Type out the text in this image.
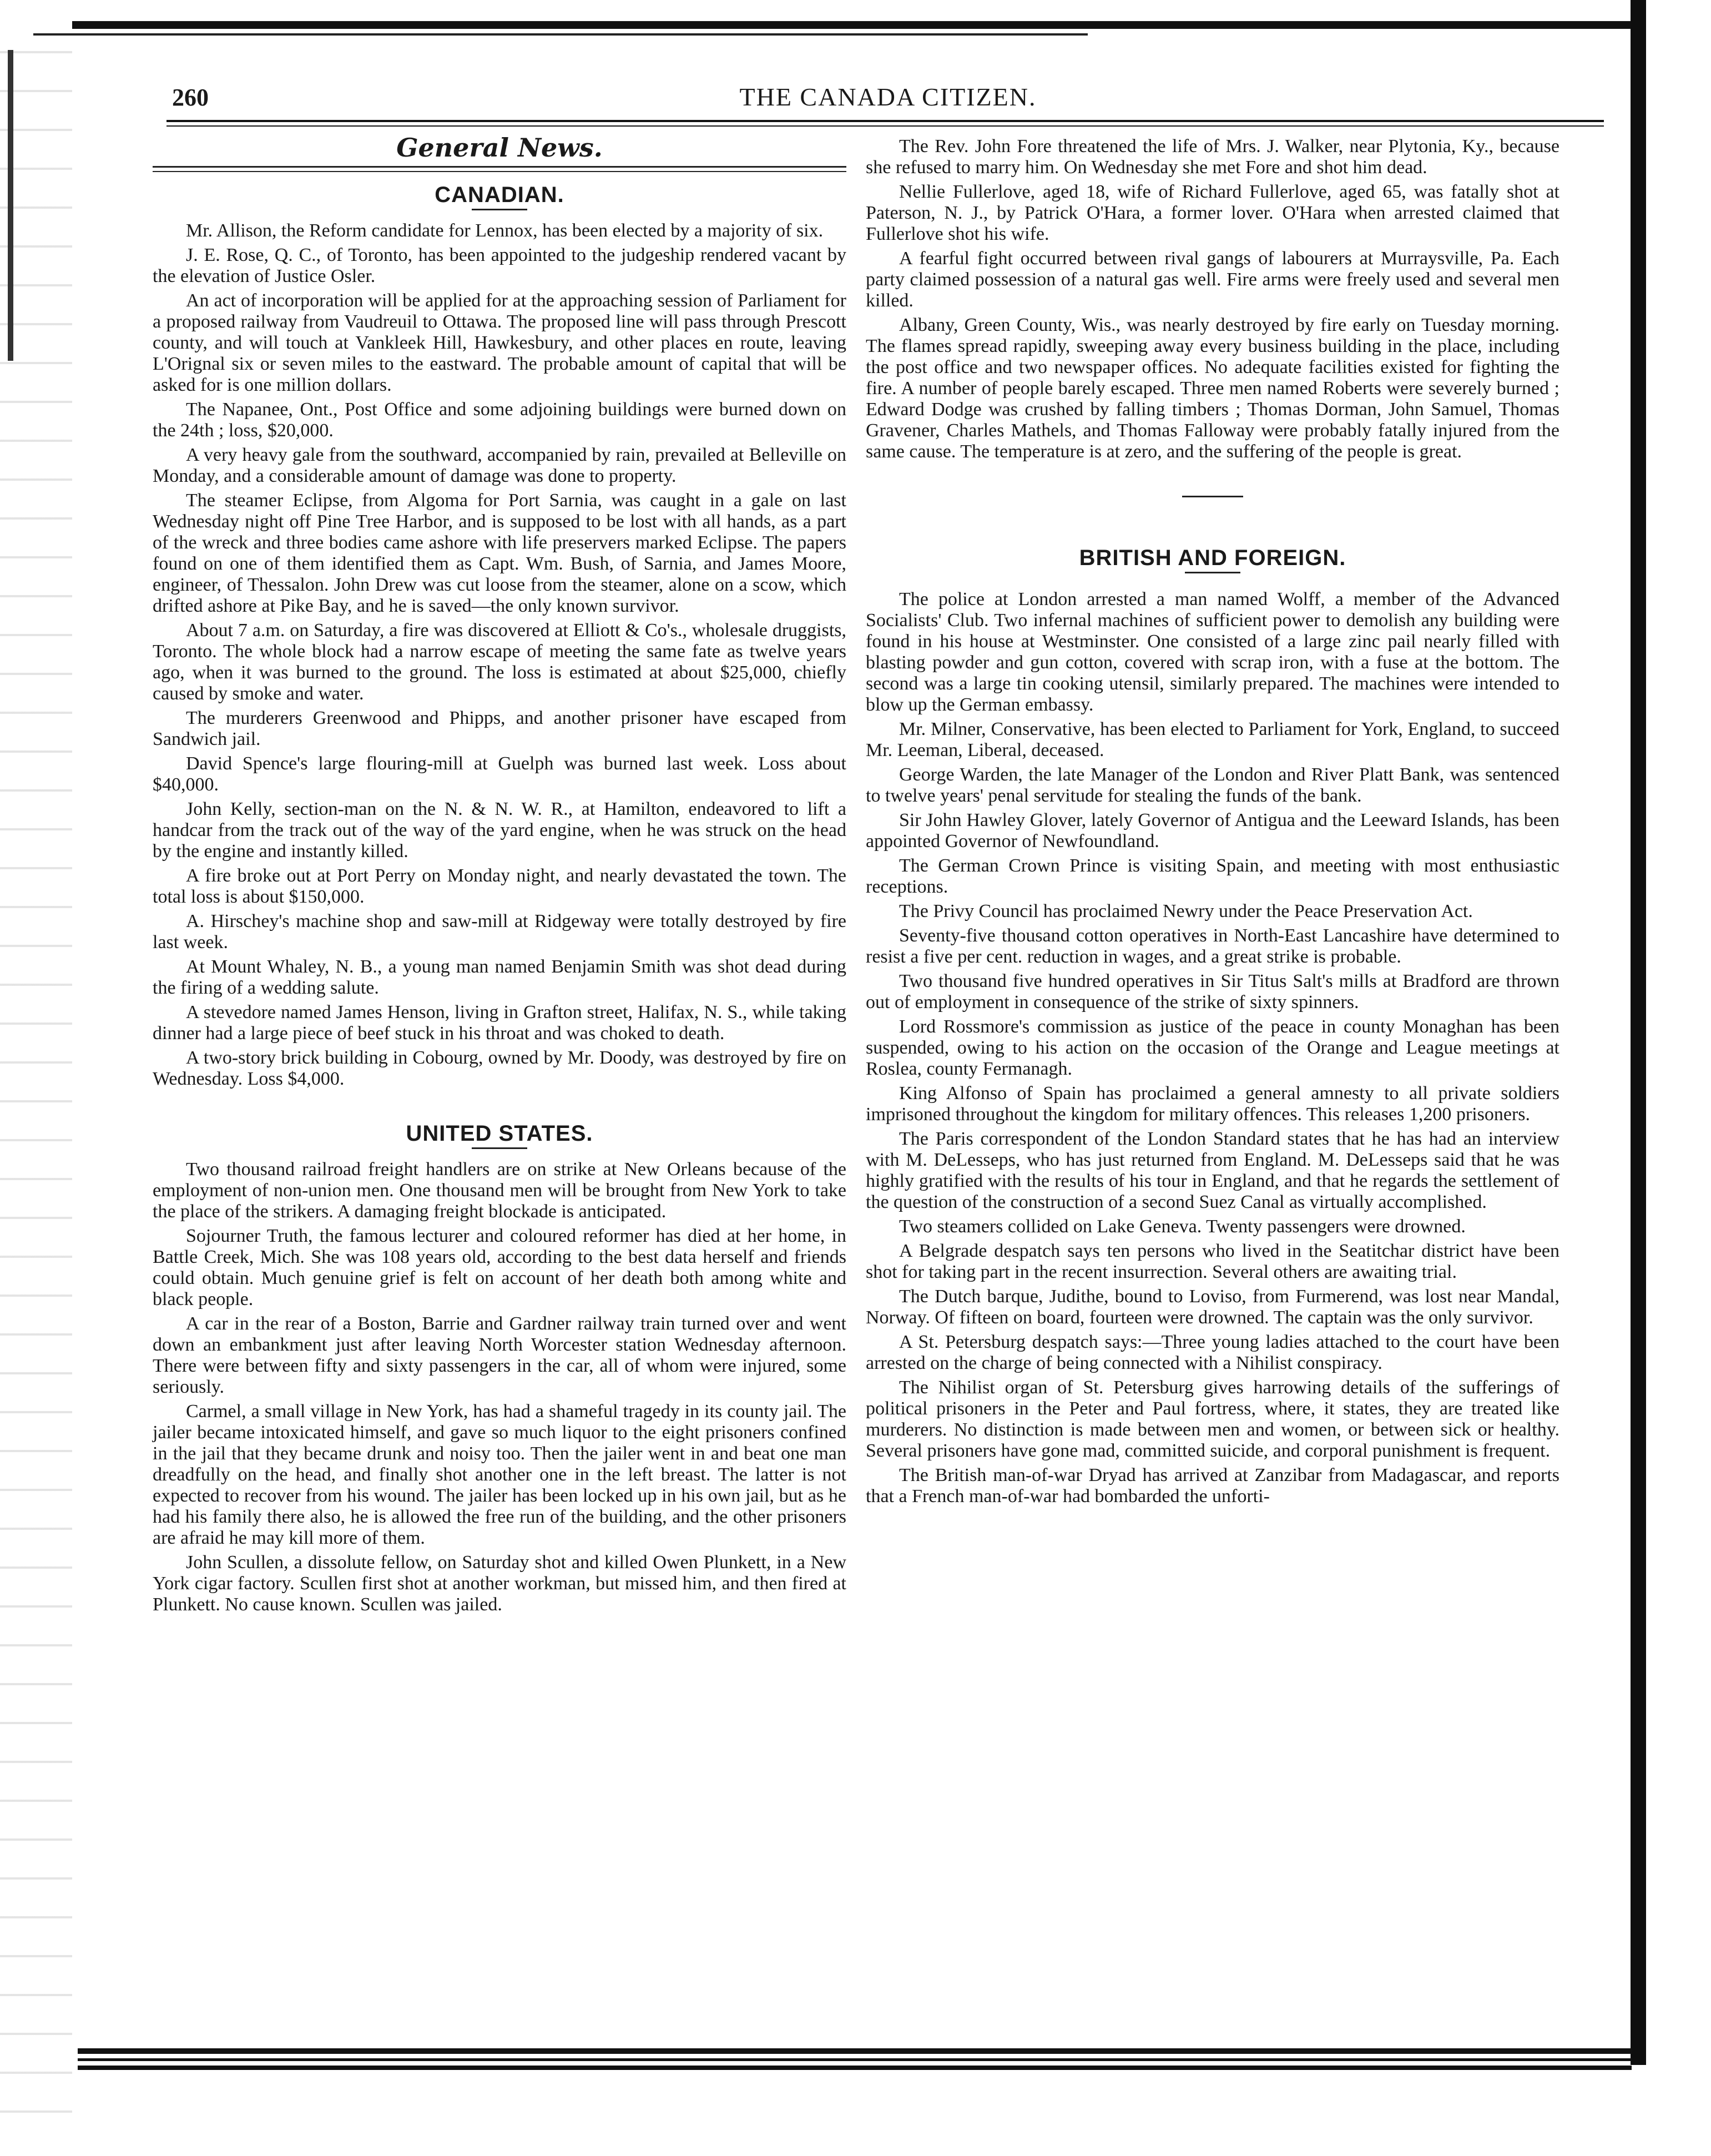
260	THE CANADA CITIZEN.
General News.
CANADIAN.

Mr. Allison, the Reform candidate for Lennox, has been elected by a majority of six.

J. E. Rose, Q. C., of Toronto, has been appointed to the judgeship rendered vacant by the elevation of Justice Osler.

An act of incorporation will be applied for at the approaching session of Parliament for a proposed railway from Vaudreuil to Ottawa. The proposed line will pass through Prescott county, and will touch at Vankleek Hill, Hawkesbury, and other places en route, leaving L'Orignal six or seven miles to the eastward. The probable amount of capital that will be asked for is one million dollars.

The Napanee, Ont., Post Office and some adjoining buildings were burned down on the 24th ; loss, $20,000.

A very heavy gale from the southward, accompanied by rain, prevailed at Belleville on Monday, and a considerable amount of damage was done to property.

The steamer Eclipse, from Algoma for Port Sarnia, was caught in a gale on last Wednesday night off Pine Tree Harbor, and is supposed to be lost with all hands, as a part of the wreck and three bodies came ashore with life preservers marked Eclipse. The papers found on one of them identified them as Capt. Wm. Bush, of Sarnia, and James Moore, engineer, of Thessalon. John Drew was cut loose from the steamer, alone on a scow, which drifted ashore at Pike Bay, and he is saved—the only known survivor.

About 7 a.m. on Saturday, a fire was discovered at Elliott & Co's., wholesale druggists, Toronto. The whole block had a narrow escape of meeting the same fate as twelve years ago, when it was burned to the ground. The loss is estimated at about $25,000, chiefly caused by smoke and water.

The murderers Greenwood and Phipps, and another prisoner have escaped from Sandwich jail.

David Spence's large flouring-mill at Guelph was burned last week. Loss about $40,000.

John Kelly, section-man on the N. & N. W. R., at Hamilton, endeavored to lift a handcar from the track out of the way of the yard engine, when he was struck on the head by the engine and instantly killed.

A fire broke out at Port Perry on Monday night, and nearly devastated the town. The total loss is about $150,000.

A. Hirschey's machine shop and saw-mill at Ridgeway were totally destroyed by fire last week.

At Mount Whaley, N. B., a young man named Benjamin Smith was shot dead during the firing of a wedding salute.

A stevedore named James Henson, living in Grafton street, Halifax, N. S., while taking dinner had a large piece of beef stuck in his throat and was choked to death.

A two-story brick building in Cobourg, owned by Mr. Doody, was destroyed by fire on Wednesday. Loss $4,000.

UNITED STATES.

Two thousand railroad freight handlers are on strike at New Orleans because of the employment of non-union men. One thousand men will be brought from New York to take the place of the strikers. A damaging freight blockade is anticipated.

Sojourner Truth, the famous lecturer and coloured reformer has died at her home, in Battle Creek, Mich. She was 108 years old, according to the best data herself and friends could obtain. Much genuine grief is felt on account of her death both among white and black people.

A car in the rear of a Boston, Barrie and Gardner railway train turned over and went down an embankment just after leaving North Worcester station Wednesday afternoon. There were between fifty and sixty passengers in the car, all of whom were injured, some seriously.

Carmel, a small village in New York, has had a shameful tragedy in its county jail. The jailer became intoxicated himself, and gave so much liquor to the eight prisoners confined in the jail that they became drunk and noisy too. Then the jailer went in and beat one man dreadfully on the head, and finally shot another one in the left breast. The latter is not expected to recover from his wound. The jailer has been locked up in his own jail, but as he had his family there also, he is allowed the free run of the building, and the other prisoners are afraid he may kill more of them.

John Scullen, a dissolute fellow, on Saturday shot and killed Owen Plunkett, in a New York cigar factory. Scullen first shot at another workman, but missed him, and then fired at Plunkett. No cause known. Scullen was jailed.

The Rev. John Fore threatened the life of Mrs. J. Walker, near Plytonia, Ky., because she refused to marry him. On Wednesday she met Fore and shot him dead.

Nellie Fullerlove, aged 18, wife of Richard Fullerlove, aged 65, was fatally shot at Paterson, N. J., by Patrick O'Hara, a former lover. O'Hara when arrested claimed that Fullerlove shot his wife.

A fearful fight occurred between rival gangs of labourers at Murraysville, Pa. Each party claimed possession of a natural gas well. Fire arms were freely used and several men killed.

Albany, Green County, Wis., was nearly destroyed by fire early on Tuesday morning. The flames spread rapidly, sweeping away every business building in the place, including the post office and two newspaper offices. No adequate facilities existed for fighting the fire. A number of people barely escaped. Three men named Roberts were severely burned ; Edward Dodge was crushed by falling timbers ; Thomas Dorman, John Samuel, Thomas Gravener, Charles Mathels, and Thomas Falloway were probably fatally injured from the same cause. The temperature is at zero, and the suffering of the people is great.

BRITISH AND FOREIGN.

The police at London arrested a man named Wolff, a member of the Advanced Socialists' Club. Two infernal machines of sufficient power to demolish any building were found in his house at Westminster. One consisted of a large zinc pail nearly filled with blasting powder and gun cotton, covered with scrap iron, with a fuse at the bottom. The second was a large tin cooking utensil, similarly prepared. The machines were intended to blow up the German embassy.

Mr. Milner, Conservative, has been elected to Parliament for York, England, to succeed Mr. Leeman, Liberal, deceased.

George Warden, the late Manager of the London and River Platt Bank, was sentenced to twelve years' penal servitude for stealing the funds of the bank.

Sir John Hawley Glover, lately Governor of Antigua and the Leeward Islands, has been appointed Governor of Newfoundland.

The German Crown Prince is visiting Spain, and meeting with most enthusiastic receptions.

The Privy Council has proclaimed Newry under the Peace Preservation Act.

Seventy-five thousand cotton operatives in North-East Lancashire have determined to resist a five per cent. reduction in wages, and a great strike is probable.

Two thousand five hundred operatives in Sir Titus Salt's mills at Bradford are thrown out of employment in consequence of the strike of sixty spinners.

Lord Rossmore's commission as justice of the peace in county Monaghan has been suspended, owing to his action on the occasion of the Orange and League meetings at Roslea, county Fermanagh.

King Alfonso of Spain has proclaimed a general amnesty to all private soldiers imprisoned throughout the kingdom for military offences. This releases 1,200 prisoners.

The Paris correspondent of the London Standard states that he has had an interview with M. DeLesseps, who has just returned from England. M. DeLesseps said that he was highly gratified with the results of his tour in England, and that he regards the settlement of the question of the construction of a second Suez Canal as virtually accomplished.

Two steamers collided on Lake Geneva. Twenty passengers were drowned.

A Belgrade despatch says ten persons who lived in the Seatitchar district have been shot for taking part in the recent insurrection. Several others are awaiting trial.

The Dutch barque, Judithe, bound to Loviso, from Furmerend, was lost near Mandal, Norway. Of fifteen on board, fourteen were drowned. The captain was the only survivor.

A St. Petersburg despatch says:—Three young ladies attached to the court have been arrested on the charge of being connected with a Nihilist conspiracy.

The Nihilist organ of St. Petersburg gives harrowing details of the sufferings of political prisoners in the Peter and Paul fortress, where, it states, they are treated like murderers. No distinction is made between men and women, or between sick or healthy. Several prisoners have gone mad, committed suicide, and corporal punishment is frequent.

The British man-of-war Dryad has arrived at Zanzibar from Madagascar, and reports that a French man-of-war had bombarded the unforti-
